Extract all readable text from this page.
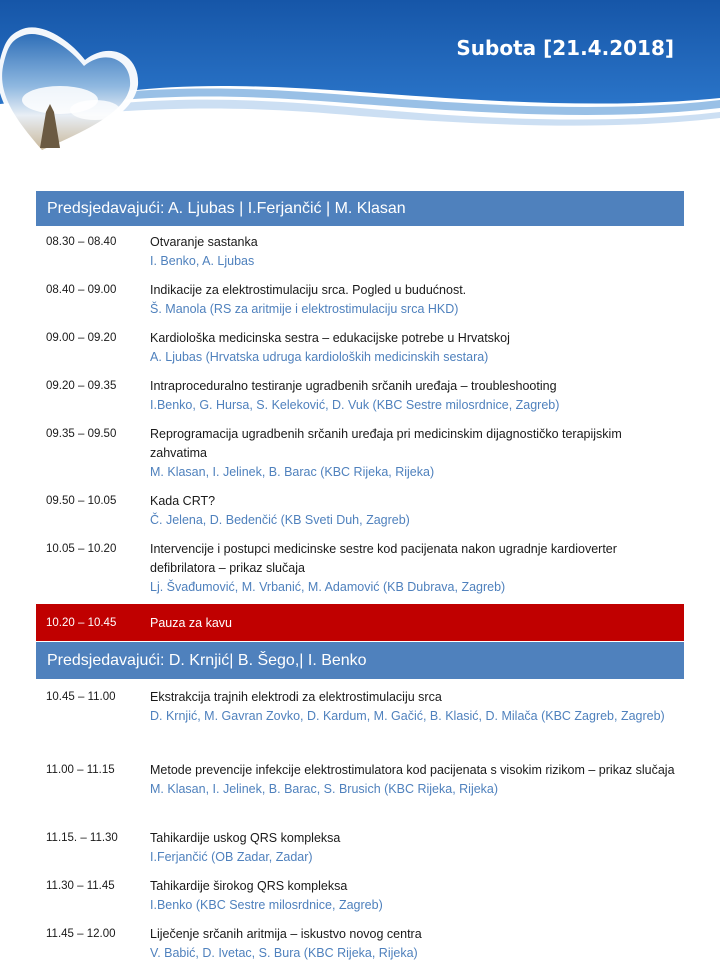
Subota [21.4.2018]
Predsjedavajući: A. Ljubas | I.Ferjančić | M. Klasan
08.30 – 08.40	Otvaranje sastanka
I. Benko, A. Ljubas
08.40 – 09.00	Indikacije za elektrostimulaciju srca. Pogled u budućnost.
Š. Manola (RS za aritmije i elektrostimulaciju srca HKD)
09.00 – 09.20	Kardiološka medicinska sestra – edukacijske potrebe u Hrvatskoj
A. Ljubas (Hrvatska udruga kardioloških medicinskih sestara)
09.20 – 09.35	Intraproceduralno testiranje ugradbenih srčanih uređaja – troubleshooting
I.Benko, G. Hursa, S. Keleković, D. Vuk (KBC Sestre milosrdnice, Zagreb)
09.35 – 09.50	Reprogramacija ugradbenih srčanih uređaja pri medicinskim dijagnostičko terapijskim zahvatima
M. Klasan, I. Jelinek, B. Barac (KBC Rijeka, Rijeka)
09.50 – 10.05	Kada CRT?
Č. Jelena, D. Bedenčić (KB Sveti Duh, Zagreb)
10.05 – 10.20	Intervencije i postupci medicinske sestre kod pacijenata nakon ugradnje kardioverter defibrilatora – prikaz slučaja
Lj. Švađumović, M. Vrbanić, M. Adamović (KB Dubrava, Zagreb)
10.20 – 10.45	Pauza za kavu
Predsjedavajući: D. Krnjić| B. Šego,| I. Benko
10.45 – 11.00	Ekstrakcija trajnih elektrodi za elektrostimulaciju srca
D. Krnjić, M. Gavran Zovko, D. Kardum, M. Gačić, B. Klasić, D. Milača (KBC Zagreb, Zagreb)
11.00 – 11.15	Metode prevencije infekcije elektrostimulatora kod pacijenata s visokim rizikom – prikaz slučaja
M. Klasan, I. Jelinek, B. Barac, S. Brusich (KBC Rijeka, Rijeka)
11.15. – 11.30	Tahikardije uskog QRS kompleksa
I.Ferjančić (OB Zadar, Zadar)
11.30 – 11.45	Tahikardije širokog QRS kompleksa
I.Benko (KBC Sestre milosrdnice, Zagreb)
11.45 – 12.00	Liječenje srčanih aritmija – iskustvo novog centra
V. Babić, D. Ivetac, S. Bura (KBC Rijeka, Rijeka)
